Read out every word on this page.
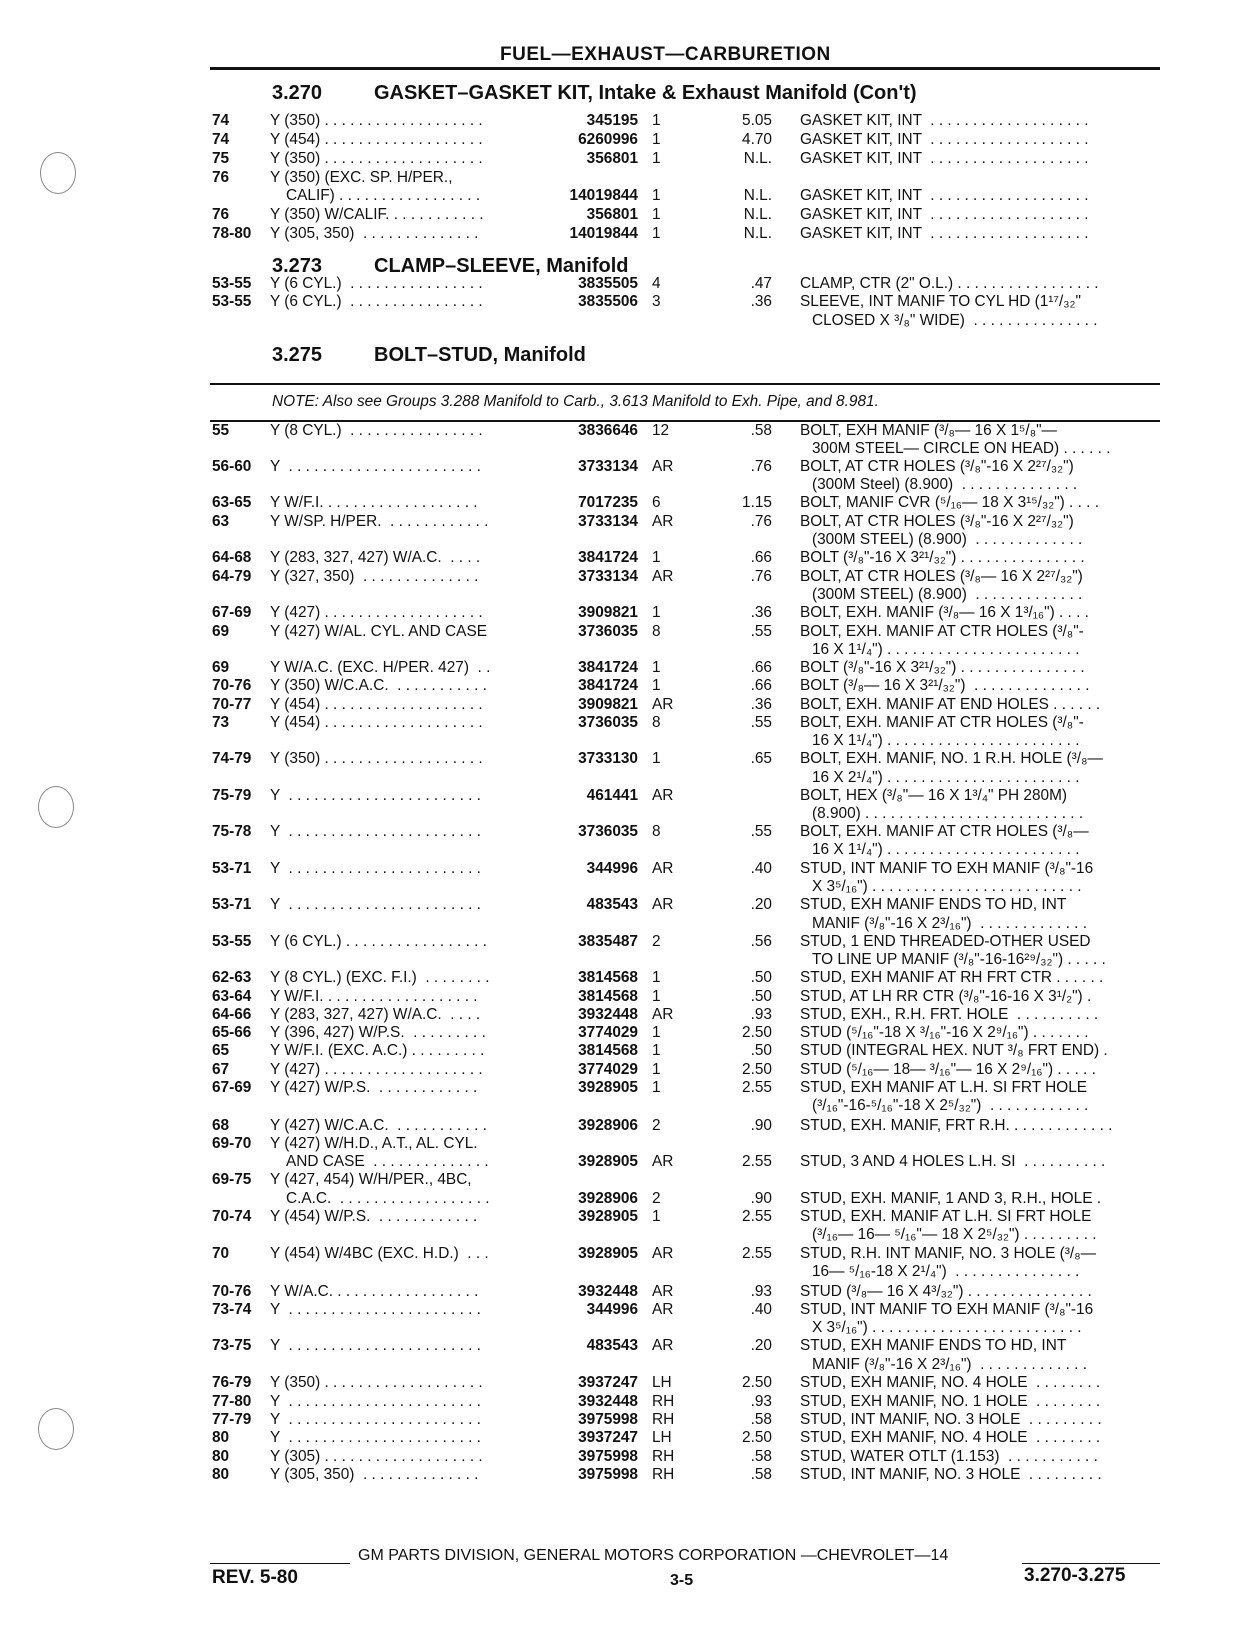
FUEL—EXHAUST—CARBURETION
3.270	GASKET–GASKET KIT, Intake & Exhaust Manifold (Con't)
3.273	CLAMP–SLEEVE, Manifold
3.275	BOLT–STUD, Manifold
NOTE: Also see Groups 3.288 Manifold to Carb., 3.613 Manifold to Exh. Pipe, and 8.981.
74	Y (350) . . . . . . . . . . . . . . . . . . .	345195 1	5.05 GASKET KIT, INT  . . . . . . . . . . . . . . . . . . .
74	Y (454) . . . . . . . . . . . . . . . . . . .	6260996 1	4.70 GASKET KIT, INT  . . . . . . . . . . . . . . . . . . .
75	Y (350) . . . . . . . . . . . . . . . . . . .	356801 1	N.L. GASKET KIT, INT  . . . . . . . . . . . . . . . . . . .
76	Y (350) (EXC. SP. H/PER.,
CALIF) . . . . . . . . . . . . . . . . .	14019844 1	N.L. GASKET KIT, INT  . . . . . . . . . . . . . . . . . . .
76	Y (350) W/CALIF. . . . . . . . . . . .	356801 1	N.L. GASKET KIT, INT  . . . . . . . . . . . . . . . . . . .
78-80 Y (305, 350)  . . . . . . . . . . . . . .	14019844 1	N.L. GASKET KIT, INT  . . . . . . . . . . . . . . . . . . .
53-55 Y (6 CYL.)  . . . . . . . . . . . . . . . .	3835505 4	.47 CLAMP, CTR (2" O.L.) . . . . . . . . . . . . . . . . .
53-55 Y (6 CYL.)  . . . . . . . . . . . . . . . .	3835506 3	.36 SLEEVE, INT MANIF TO CYL HD (1¹⁷/₃₂"
CLOSED X ³/₈" WIDE)  . . . . . . . . . . . . . . .
55	Y (8 CYL.)  . . . . . . . . . . . . . . . .	3836646 12	.58 BOLT, EXH MANIF (³/₈— 16 X 1⁵/₈"—
300M STEEL— CIRCLE ON HEAD) . . . . . .
56-60 Y  . . . . . . . . . . . . . . . . . . . . . . .	3733134 AR	.76 BOLT, AT CTR HOLES (³/₈"-16 X 2²⁷/₃₂")
(300M Steel) (8.900)  . . . . . . . . . . . . . .
63-65 Y W/F.I. . . . . . . . . . . . . . . . . . .	7017235 6	1.15 BOLT, MANIF CVR (⁵/₁₆— 18 X 3¹⁵/₃₂") . . . .
63	Y W/SP. H/PER.  . . . . . . . . . . . .	3733134 AR	.76 BOLT, AT CTR HOLES (³/₈"-16 X 2²⁷/₃₂")
(300M STEEL) (8.900)  . . . . . . . . . . . . .
64-68 Y (283, 327, 427) W/A.C.  . . . .	3841724 1	.66 BOLT (³/₈"-16 X 3²¹/₃₂") . . . . . . . . . . . . . . .
64-79 Y (327, 350)  . . . . . . . . . . . . . .	3733134 AR	.76 BOLT, AT CTR HOLES (³/₈— 16 X 2²⁷/₃₂")
(300M STEEL) (8.900)  . . . . . . . . . . . . .
67-69 Y (427) . . . . . . . . . . . . . . . . . . .	3909821 1	.36 BOLT, EXH. MANIF (³/₈— 16 X 1³/₁₆") . . . .
69	Y (427) W/AL. CYL. AND CASE	3736035 8	.55 BOLT, EXH. MANIF AT CTR HOLES (³/₈"-
16 X 1¹/₄") . . . . . . . . . . . . . . . . . . . . . . .
69	Y W/A.C. (EXC. H/PER. 427)  . .	3841724 1	.66 BOLT (³/₈"-16 X 3²¹/₃₂") . . . . . . . . . . . . . . .
70-76 Y (350) W/C.A.C.  . . . . . . . . . . .	3841724 1	.66 BOLT (³/₈— 16 X 3²¹/₃₂")  . . . . . . . . . . . . . .
70-77 Y (454) . . . . . . . . . . . . . . . . . . .	3909821 AR	.36 BOLT, EXH. MANIF AT END HOLES . . . . . .
73	Y (454) . . . . . . . . . . . . . . . . . . .	3736035 8	.55 BOLT, EXH. MANIF AT CTR HOLES (³/₈"-
16 X 1¹/₄") . . . . . . . . . . . . . . . . . . . . . . .
74-79 Y (350) . . . . . . . . . . . . . . . . . . .	3733130 1	.65 BOLT, EXH. MANIF, NO. 1 R.H. HOLE (³/₈—
16 X 2¹/₄") . . . . . . . . . . . . . . . . . . . . . . .
75-79 Y  . . . . . . . . . . . . . . . . . . . . . . .	461441 AR	BOLT, HEX (³/₈"— 16 X 1³/₄" PH 280M)
(8.900) . . . . . . . . . . . . . . . . . . . . . . . . . .
75-78 Y  . . . . . . . . . . . . . . . . . . . . . . .	3736035 8	.55 BOLT, EXH. MANIF AT CTR HOLES (³/₈—
16 X 1¹/₄") . . . . . . . . . . . . . . . . . . . . . . .
53-71 Y  . . . . . . . . . . . . . . . . . . . . . . .	344996 AR	.40 STUD, INT MANIF TO EXH MANIF (³/₈"-16
X 3⁵/₁₆") . . . . . . . . . . . . . . . . . . . . . . . . .
53-71 Y  . . . . . . . . . . . . . . . . . . . . . . .	483543 AR	.20 STUD, EXH MANIF ENDS TO HD, INT
MANIF (³/₈"-16 X 2³/₁₆")  . . . . . . . . . . . . .
53-55 Y (6 CYL.) . . . . . . . . . . . . . . . . .	3835487 2	.56 STUD, 1 END THREADED-OTHER USED
TO LINE UP MANIF (³/₈"-16-16²⁹/₃₂") . . . . .
62-63 Y (8 CYL.) (EXC. F.I.)  . . . . . . . .	3814568 1	.50 STUD, EXH MANIF AT RH FRT CTR . . . . . .
63-64 Y W/F.I. . . . . . . . . . . . . . . . . . .	3814568 1	.50 STUD, AT LH RR CTR (³/₈"-16-16 X 3¹/₂") .
64-66 Y (283, 327, 427) W/A.C.  . . . .	3932448 AR	.93 STUD, EXH., R.H. FRT. HOLE  . . . . . . . . . .
65-66 Y (396, 427) W/P.S.  . . . . . . . . .	3774029 1	2.50 STUD (⁵/₁₆"-18 X ³/₁₆"-16 X 2⁹/₁₆") . . . . . . .
65	Y W/F.I. (EXC. A.C.) . . . . . . . . .	3814568 1	.50 STUD (INTEGRAL HEX. NUT ³/₈ FRT END) .
67	Y (427) . . . . . . . . . . . . . . . . . . .	3774029 1	2.50 STUD (⁵/₁₆— 18— ³/₁₆"— 16 X 2⁹/₁₆") . . . . .
67-69 Y (427) W/P.S.  . . . . . . . . . . . .	3928905 1	2.55 STUD, EXH MANIF AT L.H. SI FRT HOLE
(³/₁₆"-16-⁵/₁₆"-18 X 2⁵/₃₂")  . . . . . . . . . . . .
68	Y (427) W/C.A.C.  . . . . . . . . . . .	3928906 2	.90 STUD, EXH. MANIF, FRT R.H. . . . . . . . . . . . .
69-70 Y (427) W/H.D., A.T., AL. CYL.
AND CASE  . . . . . . . . . . . . . .	3928905 AR	2.55 STUD, 3 AND 4 HOLES L.H. SI  . . . . . . . . . .
69-75 Y (427, 454) W/H/PER., 4BC,
C.A.C.  . . . . . . . . . . . . . . . . . .	3928906 2	.90 STUD, EXH. MANIF, 1 AND 3, R.H., HOLE .
70-74 Y (454) W/P.S.  . . . . . . . . . . . .	3928905 1	2.55 STUD, EXH. MANIF AT L.H. SI FRT HOLE
(³/₁₆— 16— ⁵/₁₆"— 18 X 2⁵/₃₂") . . . . . . . . .
70	Y (454) W/4BC (EXC. H.D.)  . . .	3928905 AR	2.55 STUD, R.H. INT MANIF, NO. 3 HOLE (³/₈—
16— ⁵/₁₆-18 X 2¹/₄")  . . . . . . . . . . . . . . .
70-76 Y W/A.C. . . . . . . . . . . . . . . . . .	3932448 AR	.93 STUD (³/₈— 16 X 4³/₃₂") . . . . . . . . . . . . . . .
73-74 Y  . . . . . . . . . . . . . . . . . . . . . . .	344996 AR	.40 STUD, INT MANIF TO EXH MANIF (³/₈"-16
X 3⁵/₁₆") . . . . . . . . . . . . . . . . . . . . . . . . .
73-75 Y  . . . . . . . . . . . . . . . . . . . . . . .	483543 AR	.20 STUD, EXH MANIF ENDS TO HD, INT
MANIF (³/₈"-16 X 2³/₁₆")  . . . . . . . . . . . . .
76-79 Y (350) . . . . . . . . . . . . . . . . . . .	3937247 LH	2.50 STUD, EXH MANIF, NO. 4 HOLE  . . . . . . . .
77-80 Y  . . . . . . . . . . . . . . . . . . . . . . .	3932448 RH	.93 STUD, EXH MANIF, NO. 1 HOLE  . . . . . . . .
77-79 Y  . . . . . . . . . . . . . . . . . . . . . . .	3975998 RH	.58 STUD, INT MANIF, NO. 3 HOLE  . . . . . . . . .
80	Y  . . . . . . . . . . . . . . . . . . . . . . .	3937247 LH	2.50 STUD, EXH MANIF, NO. 4 HOLE  . . . . . . . .
80	Y (305) . . . . . . . . . . . . . . . . . . .	3975998 RH	.58 STUD, WATER OTLT (1.153)  . . . . . . . . . . .
80	Y (305, 350)  . . . . . . . . . . . . . .	3975998 RH	.58 STUD, INT MANIF, NO. 3 HOLE  . . . . . . . . .
GM PARTS DIVISION, GENERAL MOTORS CORPORATION —CHEVROLET—14
REV. 5-80	3-5	3.270-3.275
